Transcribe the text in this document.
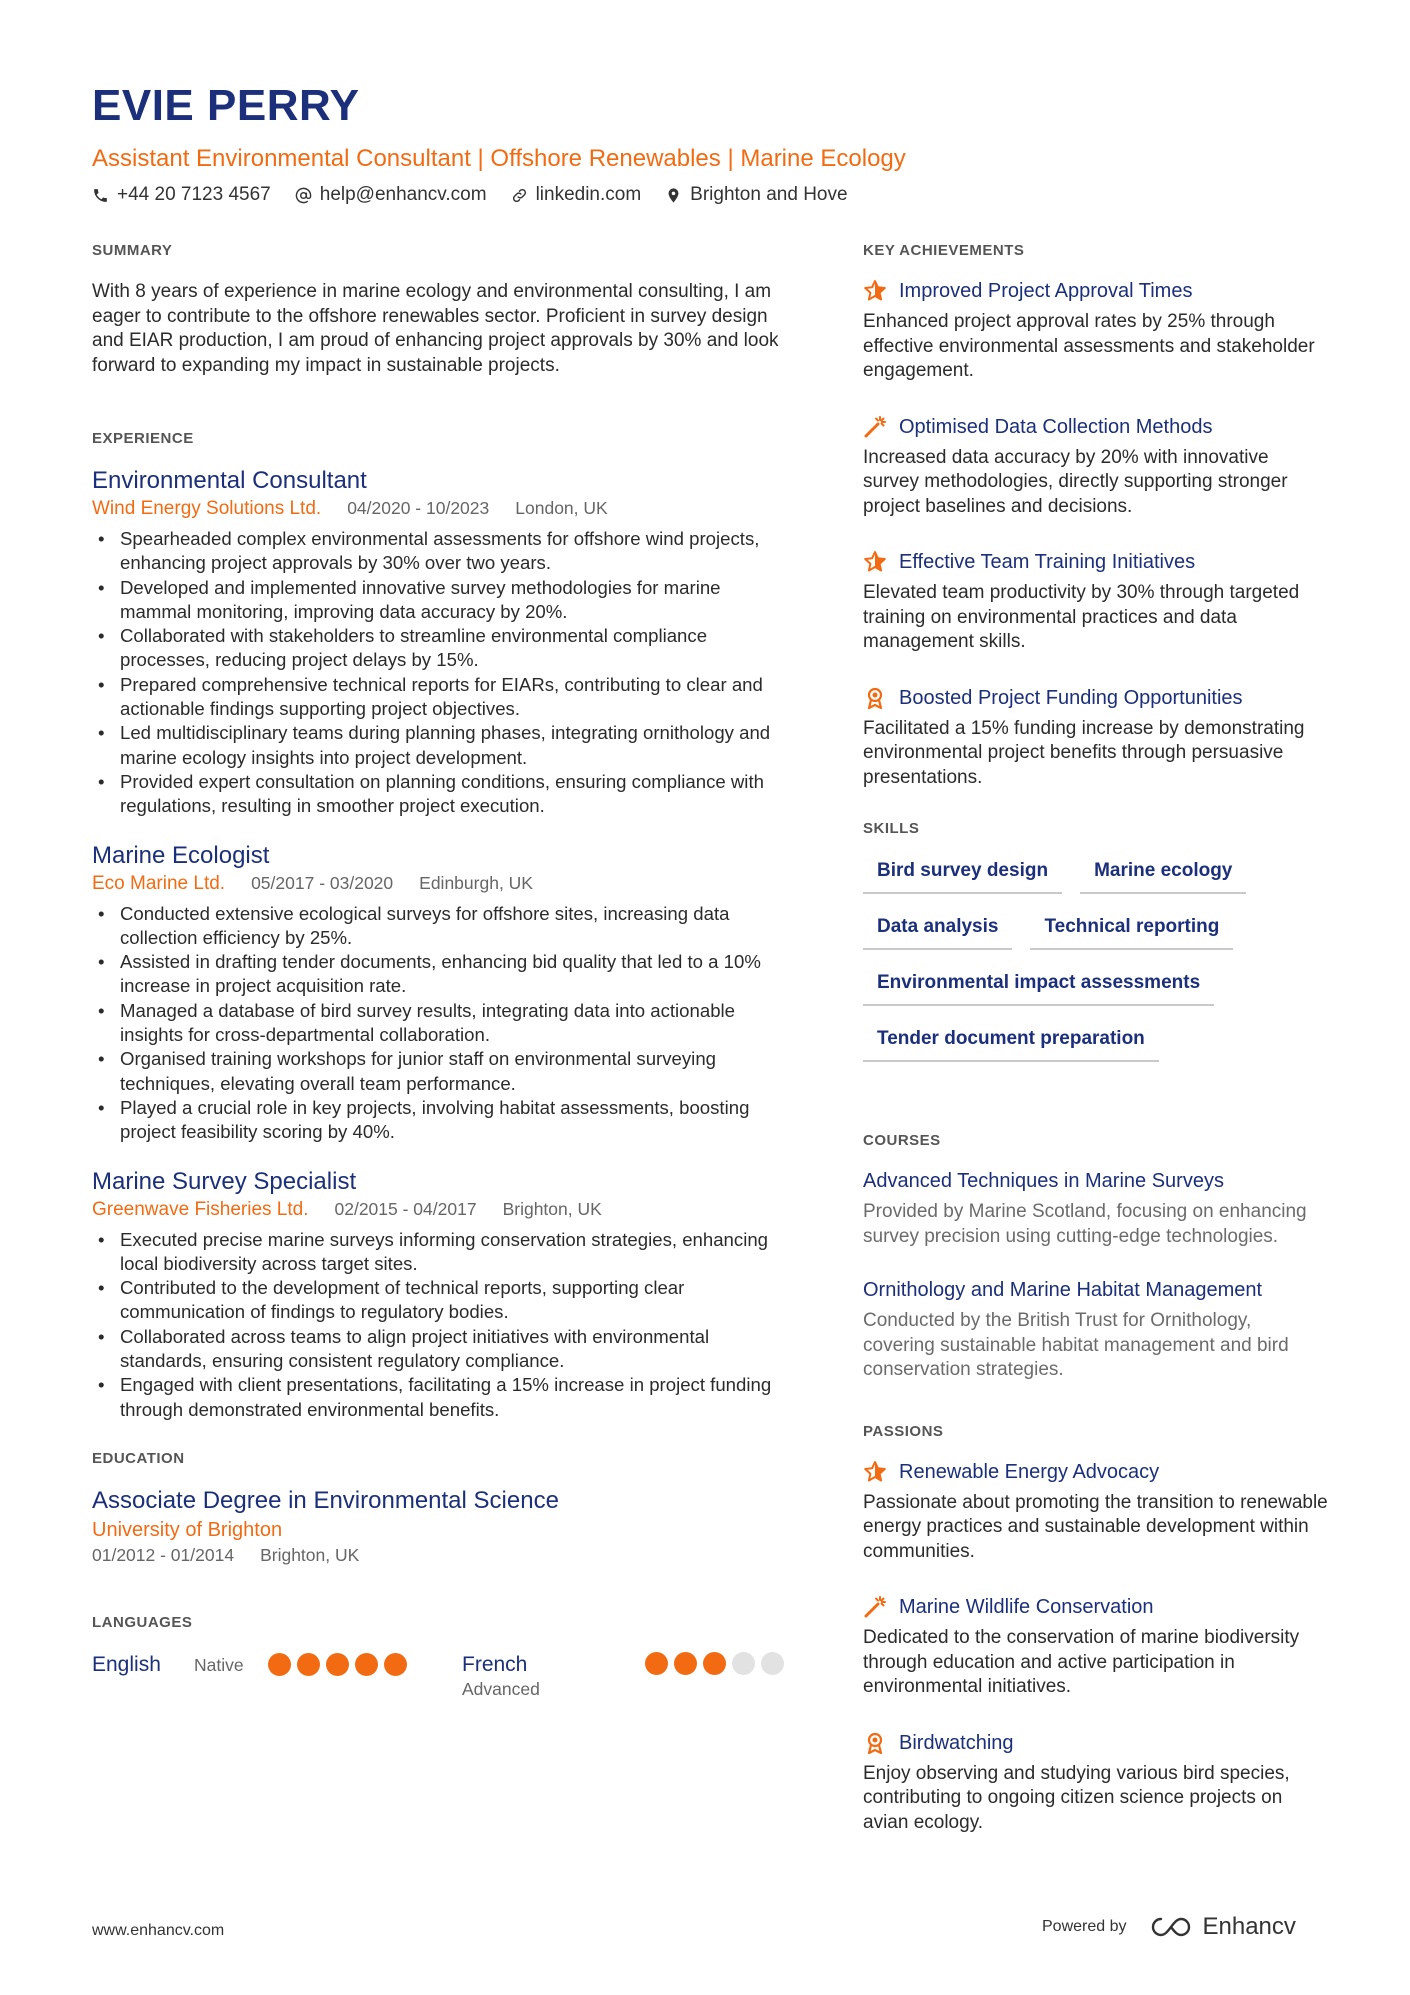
EVIE PERRY
Assistant Environmental Consultant | Offshore Renewables | Marine Ecology
+44 20 7123 4567	help@enhancv.com	linkedin.com	Brighton and Hove
SUMMARY

With 8 years of experience in marine ecology and environmental consulting, I am eager to contribute to the offshore renewables sector. Proficient in survey design and EIAR production, I am proud of enhancing project approvals by 30% and look forward to expanding my impact in sustainable projects.

EXPERIENCE
Environmental Consultant
Wind Energy Solutions Ltd. 04/2020 - 10/2023 London, UK
• Spearheaded complex environmental assessments for offshore wind projects, enhancing project approvals by 30% over two years.
• Developed and implemented innovative survey methodologies for marine mammal monitoring, improving data accuracy by 20%.
• Collaborated with stakeholders to streamline environmental compliance processes, reducing project delays by 15%.
• Prepared comprehensive technical reports for EIARs, contributing to clear and actionable findings supporting project objectives.
• Led multidisciplinary teams during planning phases, integrating ornithology and marine ecology insights into project development.
• Provided expert consultation on planning conditions, ensuring compliance with regulations, resulting in smoother project execution.
Marine Ecologist
Eco Marine Ltd. 05/2017 - 03/2020 Edinburgh, UK
• Conducted extensive ecological surveys for offshore sites, increasing data collection efficiency by 25%.
• Assisted in drafting tender documents, enhancing bid quality that led to a 10% increase in project acquisition rate.
• Managed a database of bird survey results, integrating data into actionable insights for cross-departmental collaboration.
• Organised training workshops for junior staff on environmental surveying techniques, elevating overall team performance.
• Played a crucial role in key projects, involving habitat assessments, boosting project feasibility scoring by 40%.
Marine Survey Specialist
Greenwave Fisheries Ltd. 02/2015 - 04/2017 Brighton, UK
• Executed precise marine surveys informing conservation strategies, enhancing local biodiversity across target sites.
• Contributed to the development of technical reports, supporting clear communication of findings to regulatory bodies.
• Collaborated across teams to align project initiatives with environmental standards, ensuring consistent regulatory compliance.
• Engaged with client presentations, facilitating a 15% increase in project funding through demonstrated environmental benefits.
EDUCATION
Associate Degree in Environmental Science
University of Brighton
01/2012 - 01/2014 Brighton, UK
LANGUAGES
English	Native	French
Advanced
KEY ACHIEVEMENTS
Improved Project Approval Times
Enhanced project approval rates by 25% through effective environmental assessments and stakeholder engagement.
Optimised Data Collection Methods
Increased data accuracy by 20% with innovative survey methodologies, directly supporting stronger project baselines and decisions.
Effective Team Training Initiatives
Elevated team productivity by 30% through targeted training on environmental practices and data management skills.
Boosted Project Funding Opportunities
Facilitated a 15% funding increase by demonstrating environmental project benefits through persuasive presentations.
SKILLS
Bird survey design	Marine ecology
Data analysis	Technical reporting
Environmental impact assessments
Tender document preparation
COURSES
Advanced Techniques in Marine Surveys
Provided by Marine Scotland, focusing on enhancing survey precision using cutting-edge technologies.
Ornithology and Marine Habitat Management
Conducted by the British Trust for Ornithology, covering sustainable habitat management and bird conservation strategies.
PASSIONS
Renewable Energy Advocacy
Passionate about promoting the transition to renewable energy practices and sustainable development within communities.
Marine Wildlife Conservation
Dedicated to the conservation of marine biodiversity through education and active participation in environmental initiatives.
Birdwatching
Enjoy observing and studying various bird species, contributing to ongoing citizen science projects on avian ecology.
www.enhancv.com	Powered by	Enhancv
